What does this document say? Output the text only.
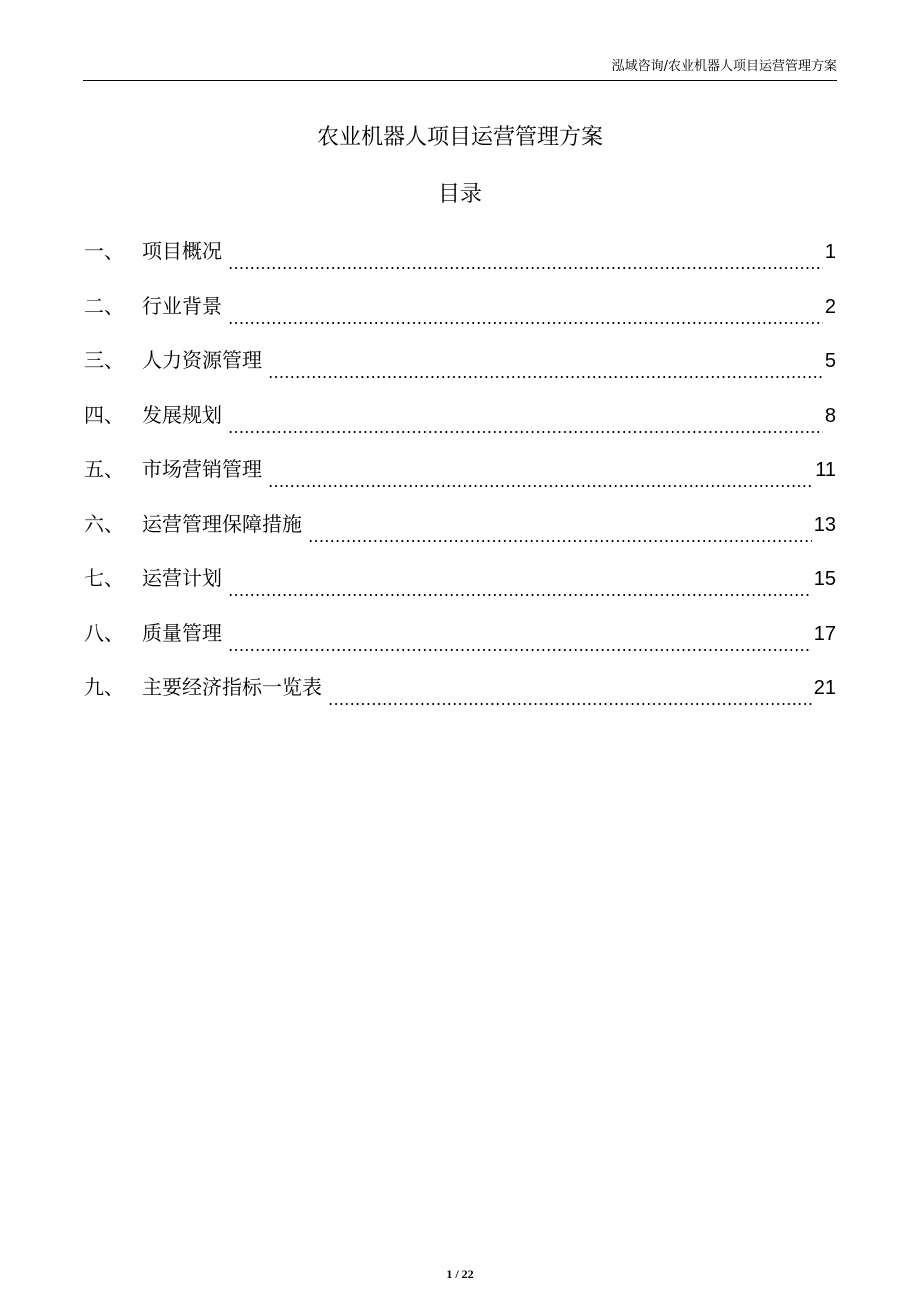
泓域咨询/农业机器人项目运营管理方案
农业机器人项目运营管理方案
目录
一、 项目概况	1
二、 行业背景	2
三、 人力资源管理	5
四、 发展规划	8
五、 市场营销管理	11
六、 运营管理保障措施	13
七、 运营计划	15
八、 质量管理	17
九、 主要经济指标一览表	21
1 / 22
